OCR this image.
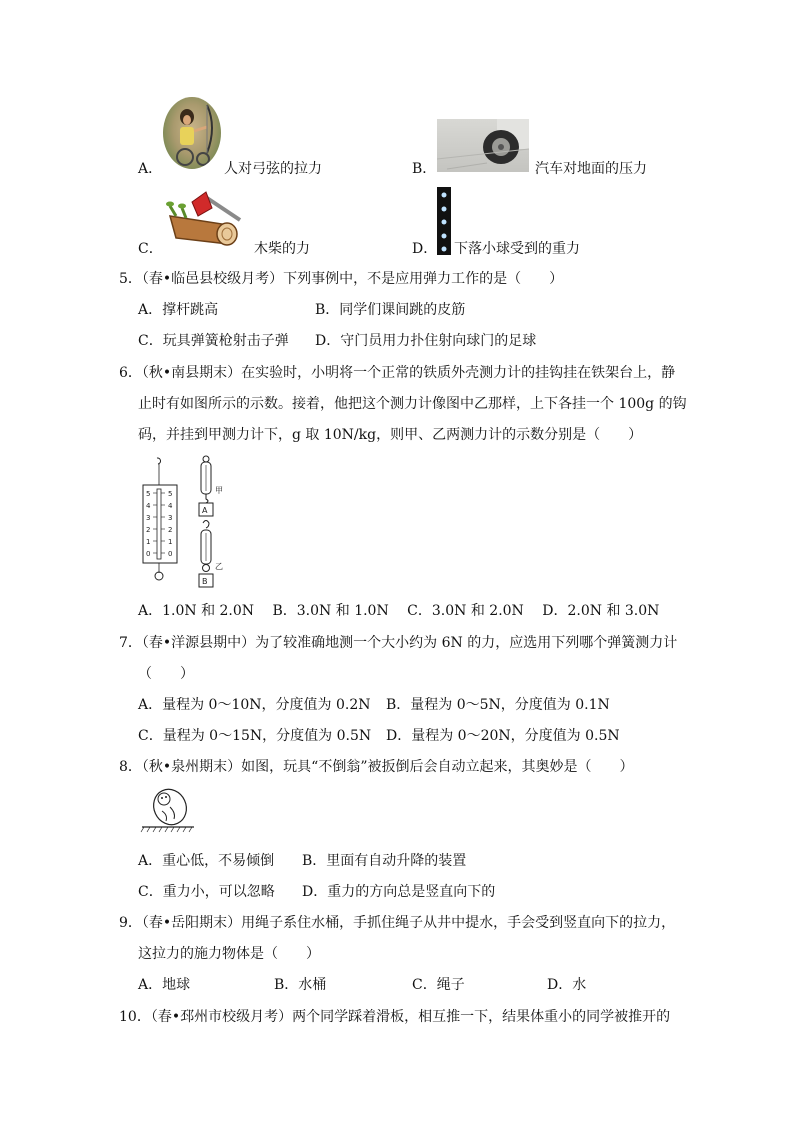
A．	人对弓弦的拉力	B．	汽车对地面的压力
C．	木柴的力	D． 下落小球受到的重力
5．（春•临邑县校级月考）下列事例中，不是应用弹力工作的是（　　）
A．撑杆跳高	B．同学们课间跳的皮筋
C．玩具弹簧枪射击子弹 D．守门员用力扑住射向球门的足球
6．（秋•南县期末）在实验时，小明将一个正常的铁质外壳测力计的挂钩挂在铁架台上，静
止时有如图所示的示数。接着，他把这个测力计像图中乙那样，上下各挂一个 100g 的钩
码，并挂到甲测力计下，g 取 10N/kg，则甲、乙两测力计的示数分别是（　　）
5
4
3
2
1
0
5
4
3
2
1
0
甲
A
乙
B
A．1.0N 和 2.0N　 B．3.0N 和 1.0N　 C．3.0N 和 2.0N　 D．2.0N 和 3.0N
7．（春•洋源县期中）为了较准确地测一个大小约为 6N 的力，应选用下列哪个弹簧测力计
（　　）
A．量程为 0～10N，分度值为 0.2N B．量程为 0～5N，分度值为 0.1N
C．量程为 0～15N，分度值为 0.5N D．量程为 0～20N，分度值为 0.5N
8．（秋•泉州期末）如图，玩具“不倒翁”被扳倒后会自动立起来，其奥妙是（　　）
A．重心低，不易倾倒 B．里面有自动升降的装置
C．重力小，可以忽略 D．重力的方向总是竖直向下的
9．（春•岳阳期末）用绳子系住水桶，手抓住绳子从井中提水，手会受到竖直向下的拉力，
这拉力的施力物体是（　　）
A．地球	B．水桶	C．绳子	D．水
10．（春•邳州市校级月考）两个同学踩着滑板，相互推一下，结果体重小的同学被推开的
